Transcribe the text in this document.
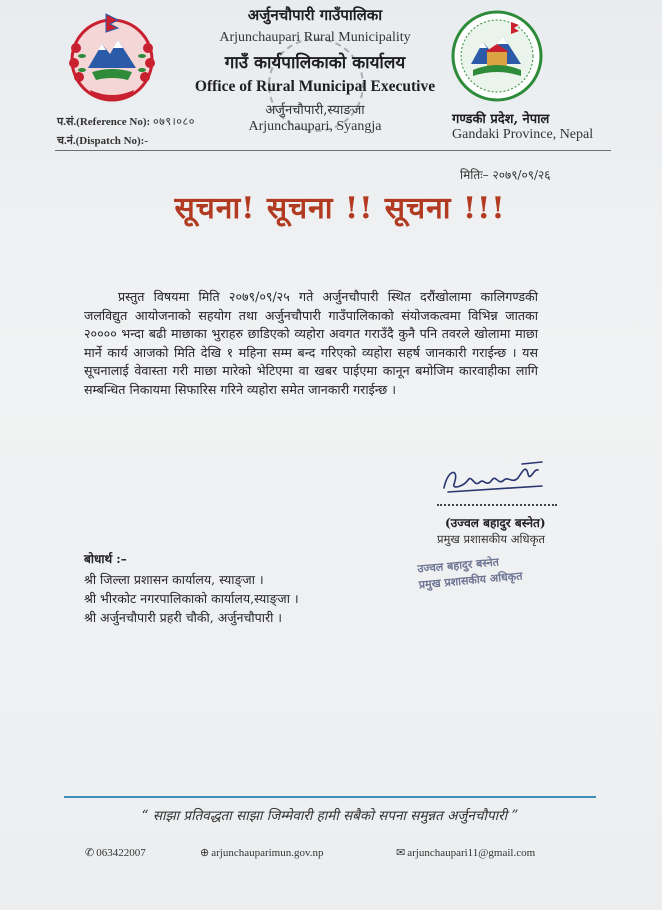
अर्जुनचौपारी गाउँपालिका
Arjunchaupari Rural Municipality
गाउँ कार्यपालिकाको कार्यालय
Office of Rural Municipal Executive
अर्जुनचौपारी,स्याङजा
Arjunchaupari, Syangja
प.सं.(Reference No): ०७९।०८०
च.नं.(Dispatch No):-
गण्डकी प्रदेश, नेपाल
Gandaki Province, Nepal
मितिः– २०७९/०९/२६
सूचना! सूचना !! सूचना !!!
प्रस्तुत विषयमा मिति २०७९/०९/२५ गते अर्जुनचौपारी स्थित दरौंखोलामा कालिगण्डकी जलविद्युत आयोजनाको सहयोग तथा अर्जुनचौपारी गाउँपालिकाको संयोजकत्वमा विभिन्न जातका २०००० भन्दा बढी माछाका भुराहरु छाडिएको व्यहोरा अवगत गराउँदै कुनै पनि तवरले खोलामा माछा मार्ने कार्य आजको मिति देखि १ महिना सम्म बन्द गरिएको व्यहोरा सहर्ष जानकारी गराईन्छ । यस सूचनालाई वेवास्ता गरी माछा मारेको भेटिएमा वा खबर पाईएमा कानून बमोजिम कारवाहीका लागि सम्बन्धित निकायमा सिफारिस गरिने व्यहोरा समेत जानकारी गराईन्छ ।
(उज्वल बहादुर बस्नेत)
प्रमुख प्रशासकीय अधिकृत
उज्वल बहादुर बस्नेत
प्रमुख प्रशासकीय अधिकृत
बोधार्थ :–
श्री जिल्ला प्रशासन कार्यालय, स्याङ्जा ।
श्री भीरकोट नगरपालिकाको कार्यालय,स्याङ्जा ।
श्री अर्जुनचौपारी प्रहरी चौकी, अर्जुनचौपारी ।
“ साझा प्रतिवद्धता साझा जिम्मेवारी हामी सबैको सपना समुन्नत अर्जुनचौपारी ”
✆ 063422007	⊕ arjunchauparimun.gov.np	✉ arjunchaupari11@gmail.com
